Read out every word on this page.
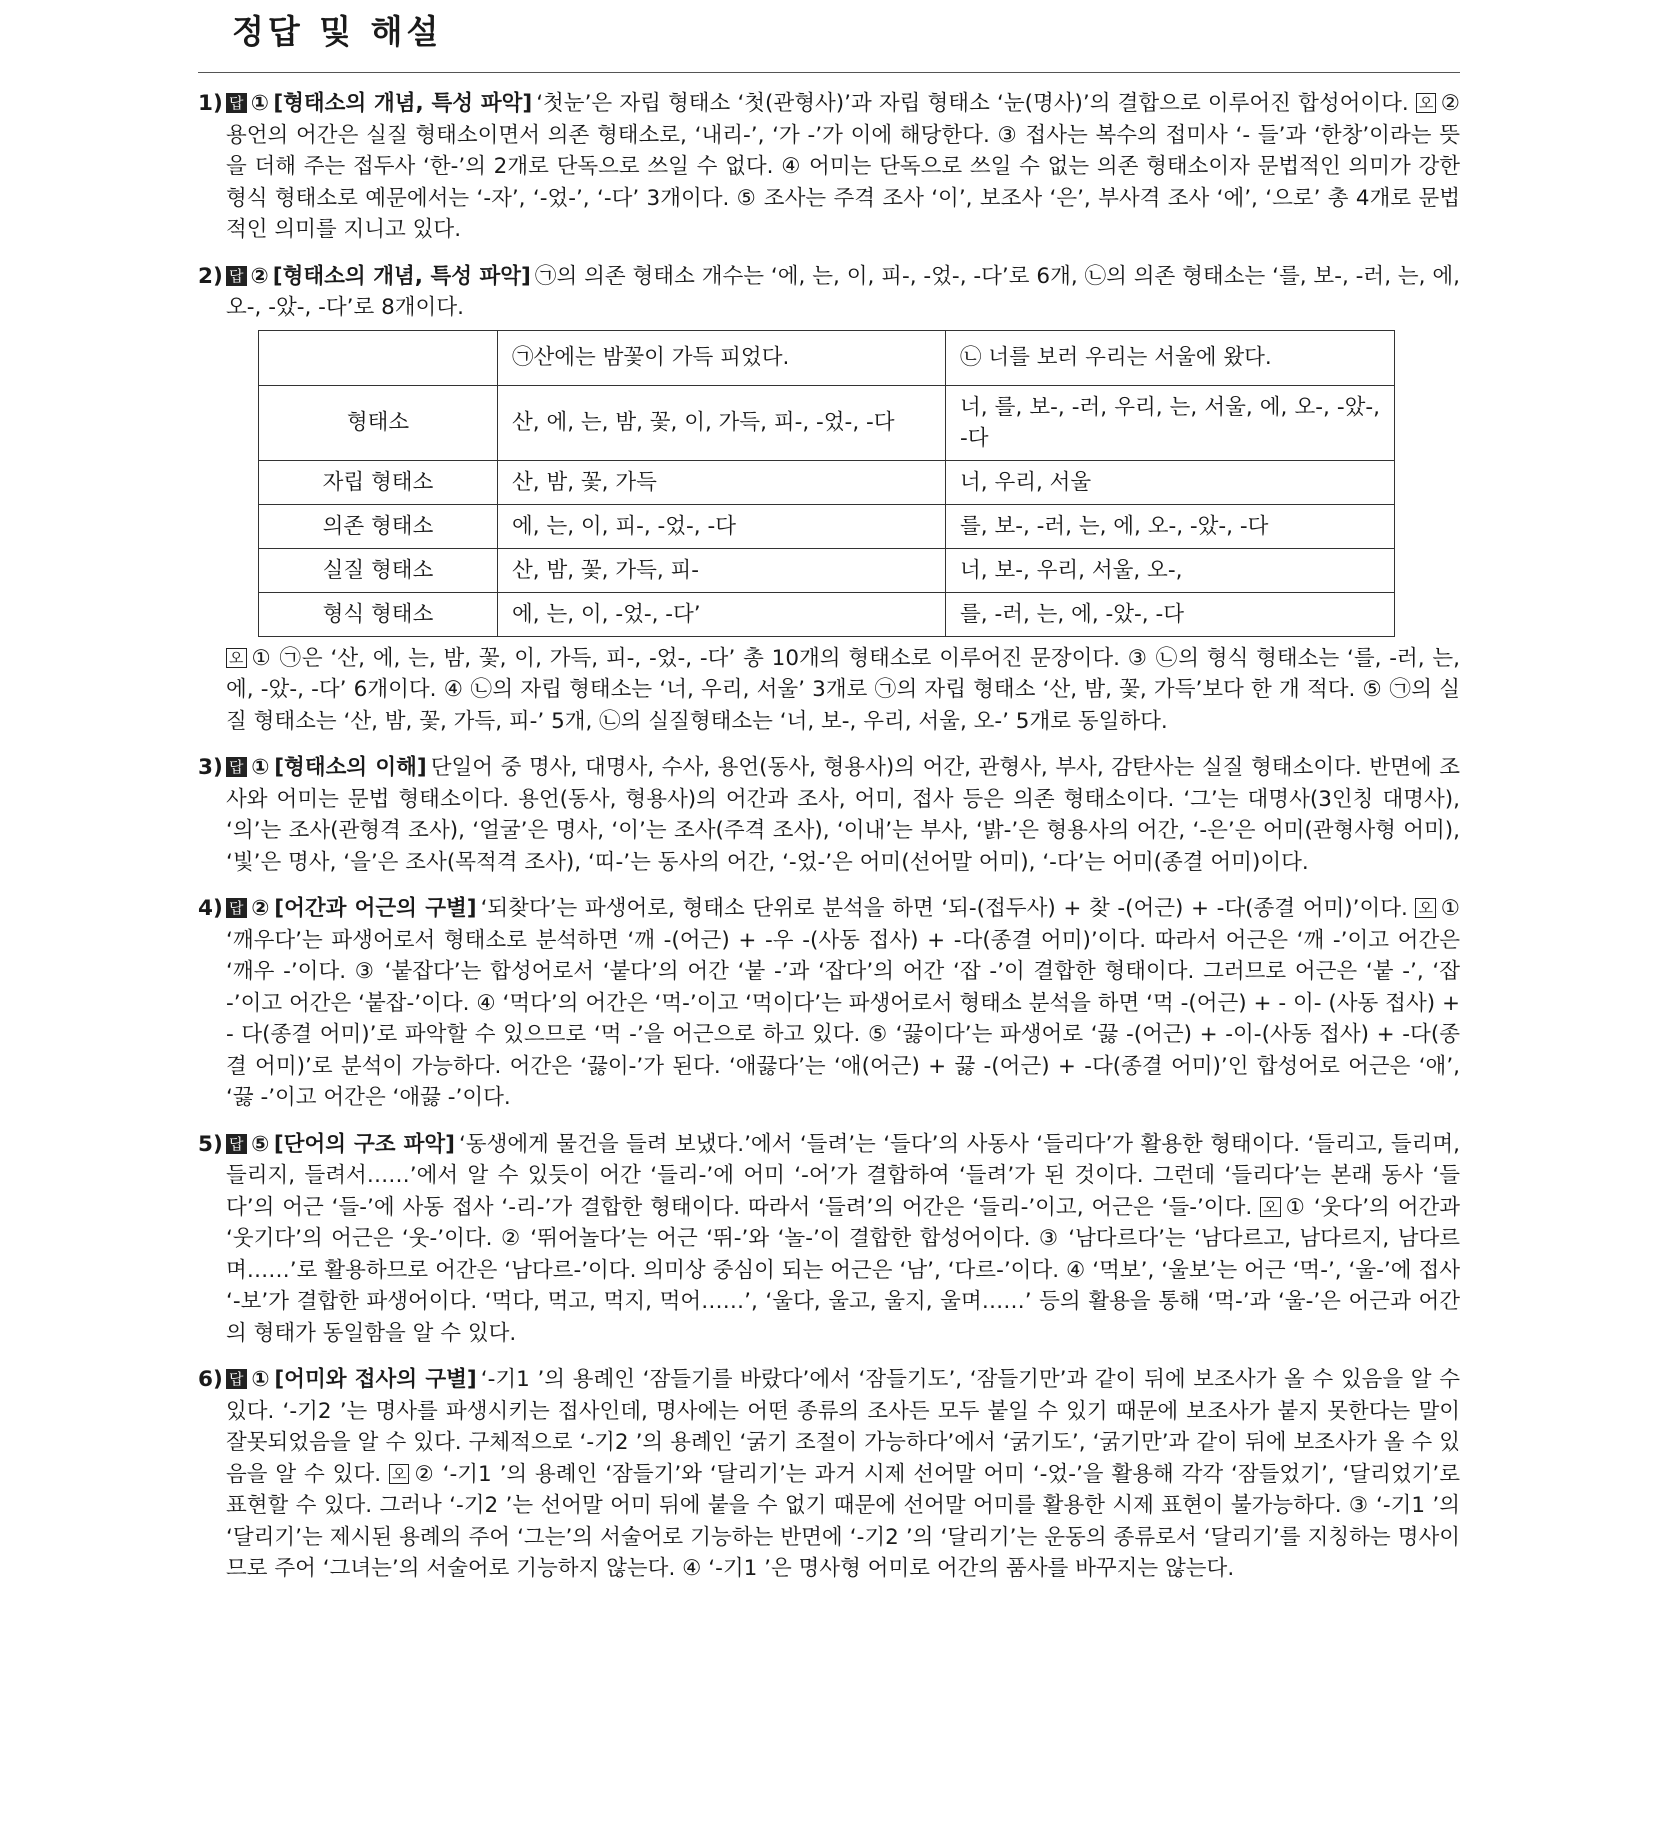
정답 및 해설
1) 답 ① [형태소의 개념, 특성 파악] ‘첫눈’은 자립 형태소 ‘첫(관형사)’과 자립 형태소 ‘눈(명사)’의 결합으로 이루어진 합성어이다. 오 ② 용언의 어간은 실질 형태소이면서 의존 형태소로, ‘내리-’, ‘가 -’가 이에 해당한다. ③ 접사는 복수의 접미사 ‘- 들’과 ‘한창’이라는 뜻을 더해 주는 접두사 ‘한-’의 2개로 단독으로 쓰일 수 없다. ④ 어미는 단독으로 쓰일 수 없는 의존 형태소이자 문법적인 의미가 강한 형식 형태소로 예문에서는 ‘-자’, ‘-었-’, ‘-다’ 3개이다. ⑤ 조사는 주격 조사 ‘이’, 보조사 ‘은’, 부사격 조사 ‘에’, ‘으로’ 총 4개로 문법적인 의미를 지니고 있다.

2) 답 ② [형태소의 개념, 특성 파악] ㉠의 의존 형태소 개수는 ‘에, 는, 이, 피-, -었-, -다’로 6개, ㉡의 의존 형태소는 ‘를, 보-, -러, 는, 에, 오-, -았-, -다’로 8개이다.

	㉠산에는 밤꽃이 가득 피었다.	㉡ 너를 보러 우리는 서울에 왔다.
형태소	산, 에, 는, 밤, 꽃, 이, 가득, 피-, -었-, -다	너, 를, 보-, -러, 우리, 는, 서울, 에, 오-, -았-, -다
자립 형태소	산, 밤, 꽃, 가득	너, 우리, 서울
의존 형태소	에, 는, 이, 피-, -었-, -다	를, 보-, -러, 는, 에, 오-, -았-, -다
실질 형태소	산, 밤, 꽃, 가득, 피-	너, 보-, 우리, 서울, 오-,
형식 형태소	에, 는, 이, -었-, -다’	를, -러, 는, 에, -았-, -다

오 ① ㉠은 ‘산, 에, 는, 밤, 꽃, 이, 가득, 피-, -었-, -다’ 총 10개의 형태소로 이루어진 문장이다. ③ ㉡의 형식 형태소는 ‘를, -러, 는, 에, -았-, -다’ 6개이다. ④ ㉡의 자립 형태소는 ‘너, 우리, 서울’ 3개로 ㉠의 자립 형태소 ‘산, 밤, 꽃, 가득’보다 한 개 적다. ⑤ ㉠의 실질 형태소는 ‘산, 밤, 꽃, 가득, 피-’ 5개, ㉡의 실질형태소는 ‘너, 보-, 우리, 서울, 오-’ 5개로 동일하다.

3) 답 ① [형태소의 이해] 단일어 중 명사, 대명사, 수사, 용언(동사, 형용사)의 어간, 관형사, 부사, 감탄사는 실질 형태소이다. 반면에 조사와 어미는 문법 형태소이다. 용언(동사, 형용사)의 어간과 조사, 어미, 접사 등은 의존 형태소이다. ‘그’는 대명사(3인칭 대명사), ‘의’는 조사(관형격 조사), ‘얼굴’은 명사, ‘이’는 조사(주격 조사), ‘이내’는 부사, ‘밝-’은 형용사의 어간, ‘-은’은 어미(관형사형 어미), ‘빛’은 명사, ‘을’은 조사(목적격 조사), ‘띠-’는 동사의 어간, ‘-었-’은 어미(선어말 어미), ‘-다’는 어미(종결 어미)이다.

4) 답 ② [어간과 어근의 구별] ‘되찾다’는 파생어로, 형태소 단위로 분석을 하면 ‘되-(접두사) + 찾 -(어근) + -다(종결 어미)’이다. 오 ① ‘깨우다’는 파생어로서 형태소로 분석하면 ‘깨 -(어근) + -우 -(사동 접사) + -다(종결 어미)’이다. 따라서 어근은 ‘깨 -’이고 어간은 ‘깨우 -’이다. ③ ‘붙잡다’는 합성어로서 ‘붙다’의 어간 ‘붙 -’과 ‘잡다’의 어간 ‘잡 -’이 결합한 형태이다. 그러므로 어근은 ‘붙 -’, ‘잡 -’이고 어간은 ‘붙잡-’이다. ④ ‘먹다’의 어간은 ‘먹-’이고 ‘먹이다’는 파생어로서 형태소 분석을 하면 ‘먹 -(어근) + - 이- (사동 접사) + - 다(종결 어미)’로 파악할 수 있으므로 ‘먹 -’을 어근으로 하고 있다. ⑤ ‘끓이다’는 파생어로 ‘끓 -(어근) + -이-(사동 접사) + -다(종결 어미)’로 분석이 가능하다. 어간은 ‘끓이-’가 된다. ‘애끓다’는 ‘애(어근) + 끓 -(어근) + -다(종결 어미)’인 합성어로 어근은 ‘애’, ‘끓 -’이고 어간은 ‘애끓 -’이다.

5) 답 ⑤ [단어의 구조 파악] ‘동생에게 물건을 들려 보냈다.’에서 ‘들려’는 ‘들다’의 사동사 ‘들리다’가 활용한 형태이다. ‘들리고, 들리며, 들리지, 들려서……’에서 알 수 있듯이 어간 ‘들리-’에 어미 ‘-어’가 결합하여 ‘들려’가 된 것이다. 그런데 ‘들리다’는 본래 동사 ‘들다’의 어근 ‘들-’에 사동 접사 ‘-리-’가 결합한 형태이다. 따라서 ‘들려’의 어간은 ‘들리-’이고, 어근은 ‘들-’이다. 오 ① ‘웃다’의 어간과 ‘웃기다’의 어근은 ‘웃-’이다. ② ‘뛰어놀다’는 어근 ‘뛰-’와 ‘놀-’이 결합한 합성어이다. ③ ‘남다르다’는 ‘남다르고, 남다르지, 남다르며……’로 활용하므로 어간은 ‘남다르-’이다. 의미상 중심이 되는 어근은 ‘남’, ‘다르-’이다. ④ ‘먹보’, ‘울보’는 어근 ‘먹-’, ‘울-’에 접사 ‘-보’가 결합한 파생어이다. ‘먹다, 먹고, 먹지, 먹어……’, ‘울다, 울고, 울지, 울며……’ 등의 활용을 통해 ‘먹-’과 ‘울-’은 어근과 어간의 형태가 동일함을 알 수 있다.

6) 답 ① [어미와 접사의 구별] ‘-기1 ’의 용례인 ‘잠들기를 바랐다’에서 ‘잠들기도’, ‘잠들기만’과 같이 뒤에 보조사가 올 수 있음을 알 수 있다. ‘-기2 ’는 명사를 파생시키는 접사인데, 명사에는 어떤 종류의 조사든 모두 붙일 수 있기 때문에 보조사가 붙지 못한다는 말이 잘못되었음을 알 수 있다. 구체적으로 ‘-기2 ’의 용례인 ‘굵기 조절이 가능하다’에서 ‘굵기도’, ‘굵기만’과 같이 뒤에 보조사가 올 수 있음을 알 수 있다. 오 ② ‘-기1 ’의 용례인 ‘잠들기’와 ‘달리기’는 과거 시제 선어말 어미 ‘-었-’을 활용해 각각 ‘잠들었기’, ‘달리었기’로 표현할 수 있다. 그러나 ‘-기2 ’는 선어말 어미 뒤에 붙을 수 없기 때문에 선어말 어미를 활용한 시제 표현이 불가능하다. ③ ‘-기1 ’의 ‘달리기’는 제시된 용례의 주어 ‘그는’의 서술어로 기능하는 반면에 ‘-기2 ’의 ‘달리기’는 운동의 종류로서 ‘달리기’를 지칭하는 명사이므로 주어 ‘그녀는’의 서술어로 기능하지 않는다. ④ ‘-기1 ’은 명사형 어미로 어간의 품사를 바꾸지는 않는다.
